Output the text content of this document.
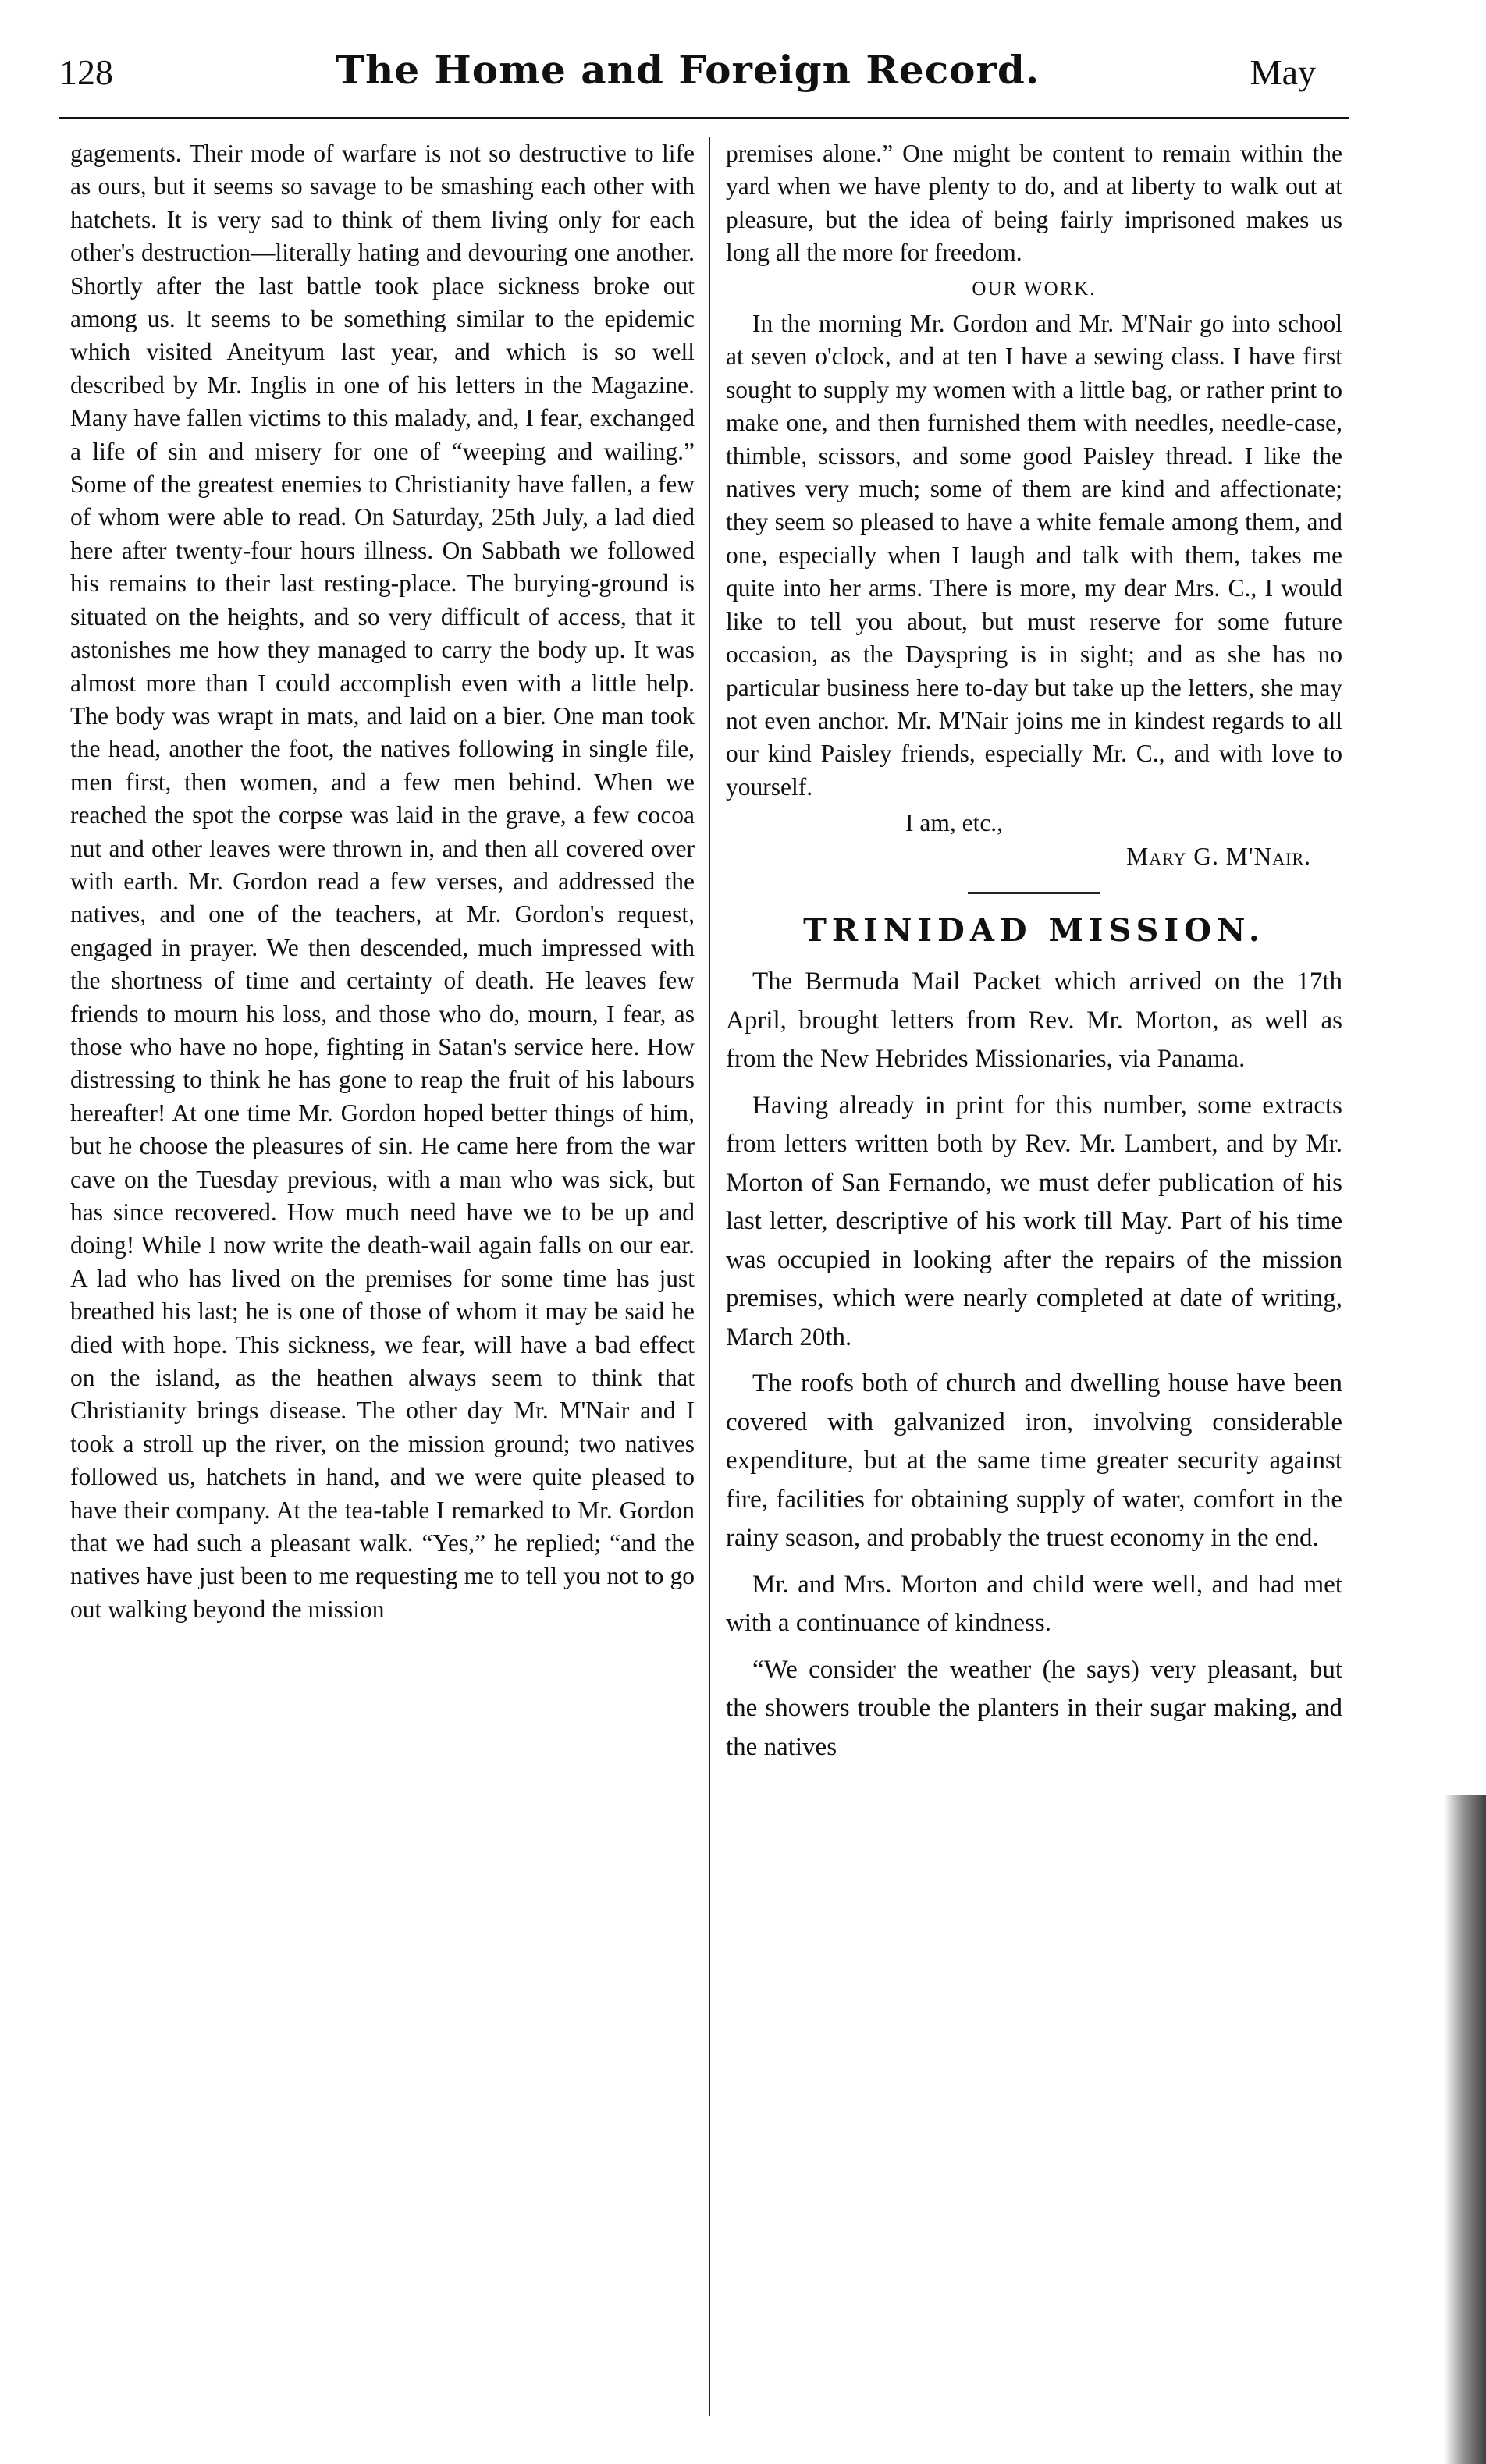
128	The Home and Foreign Record.	May

gagements. Their mode of warfare is not so destructive to life as ours, but it seems so savage to be smashing each other with hatchets. It is very sad to think of them living only for each other's destruction—literally hating and devouring one another. Shortly after the last battle took place sickness broke out among us. It seems to be something similar to the epidemic which visited Aneityum last year, and which is so well described by Mr. Inglis in one of his letters in the Magazine. Many have fallen victims to this malady, and, I fear, exchanged a life of sin and misery for one of “weeping and wailing.” Some of the greatest enemies to Christianity have fallen, a few of whom were able to read. On Saturday, 25th July, a lad died here after twenty-four hours illness. On Sabbath we followed his remains to their last resting-place. The burying-ground is situated on the heights, and so very difficult of access, that it astonishes me how they managed to carry the body up. It was almost more than I could accomplish even with a little help. The body was wrapt in mats, and laid on a bier. One man took the head, another the foot, the natives following in single file, men first, then women, and a few men behind. When we reached the spot the corpse was laid in the grave, a few cocoa nut and other leaves were thrown in, and then all covered over with earth. Mr. Gordon read a few verses, and addressed the natives, and one of the teachers, at Mr. Gordon's request, engaged in prayer. We then descended, much impressed with the shortness of time and certainty of death. He leaves few friends to mourn his loss, and those who do, mourn, I fear, as those who have no hope, fighting in Satan's service here. How distressing to think he has gone to reap the fruit of his labours hereafter! At one time Mr. Gordon hoped better things of him, but he choose the pleasures of sin. He came here from the war cave on the Tuesday previous, with a man who was sick, but has since recovered. How much need have we to be up and doing! While I now write the death-wail again falls on our ear. A lad who has lived on the premises for some time has just breathed his last; he is one of those of whom it may be said he died with hope. This sickness, we fear, will have a bad effect on the island, as the heathen always seem to think that Christianity brings disease. The other day Mr. M'Nair and I took a stroll up the river, on the mission ground; two natives followed us, hatchets in hand, and we were quite pleased to have their company. At the tea-table I remarked to Mr. Gordon that we had such a pleasant walk. “Yes,” he replied; “and the natives have just been to me requesting me to tell you not to go out walking beyond the mission

premises alone.” One might be content to remain within the yard when we have plenty to do, and at liberty to walk out at pleasure, but the idea of being fairly imprisoned makes us long all the more for freedom.

OUR WORK.

In the morning Mr. Gordon and Mr. M'Nair go into school at seven o'clock, and at ten I have a sewing class. I have first sought to supply my women with a little bag, or rather print to make one, and then furnished them with needles, needle-case, thimble, scissors, and some good Paisley thread. I like the natives very much; some of them are kind and affectionate; they seem so pleased to have a white female among them, and one, especially when I laugh and talk with them, takes me quite into her arms. There is more, my dear Mrs. C., I would like to tell you about, but must reserve for some future occasion, as the Dayspring is in sight; and as she has no particular business here to-day but take up the letters, she may not even anchor. Mr. M'Nair joins me in kindest regards to all our kind Paisley friends, especially Mr. C., and with love to yourself.

I am, etc.,

Mary G. M'Nair.

TRINIDAD MISSION.

The Bermuda Mail Packet which arrived on the 17th April, brought letters from Rev. Mr. Morton, as well as from the New Hebrides Missionaries, via Panama.

Having already in print for this number, some extracts from letters written both by Rev. Mr. Lambert, and by Mr. Morton of San Fernando, we must defer publication of his last letter, descriptive of his work till May. Part of his time was occupied in looking after the repairs of the mission premises, which were nearly completed at date of writing, March 20th.

The roofs both of church and dwelling house have been covered with galvanized iron, involving considerable expenditure, but at the same time greater security against fire, facilities for obtaining supply of water, comfort in the rainy season, and probably the truest economy in the end.

Mr. and Mrs. Morton and child were well, and had met with a continuance of kindness.

“We consider the weather (he says) very pleasant, but the showers trouble the planters in their sugar making, and the natives
